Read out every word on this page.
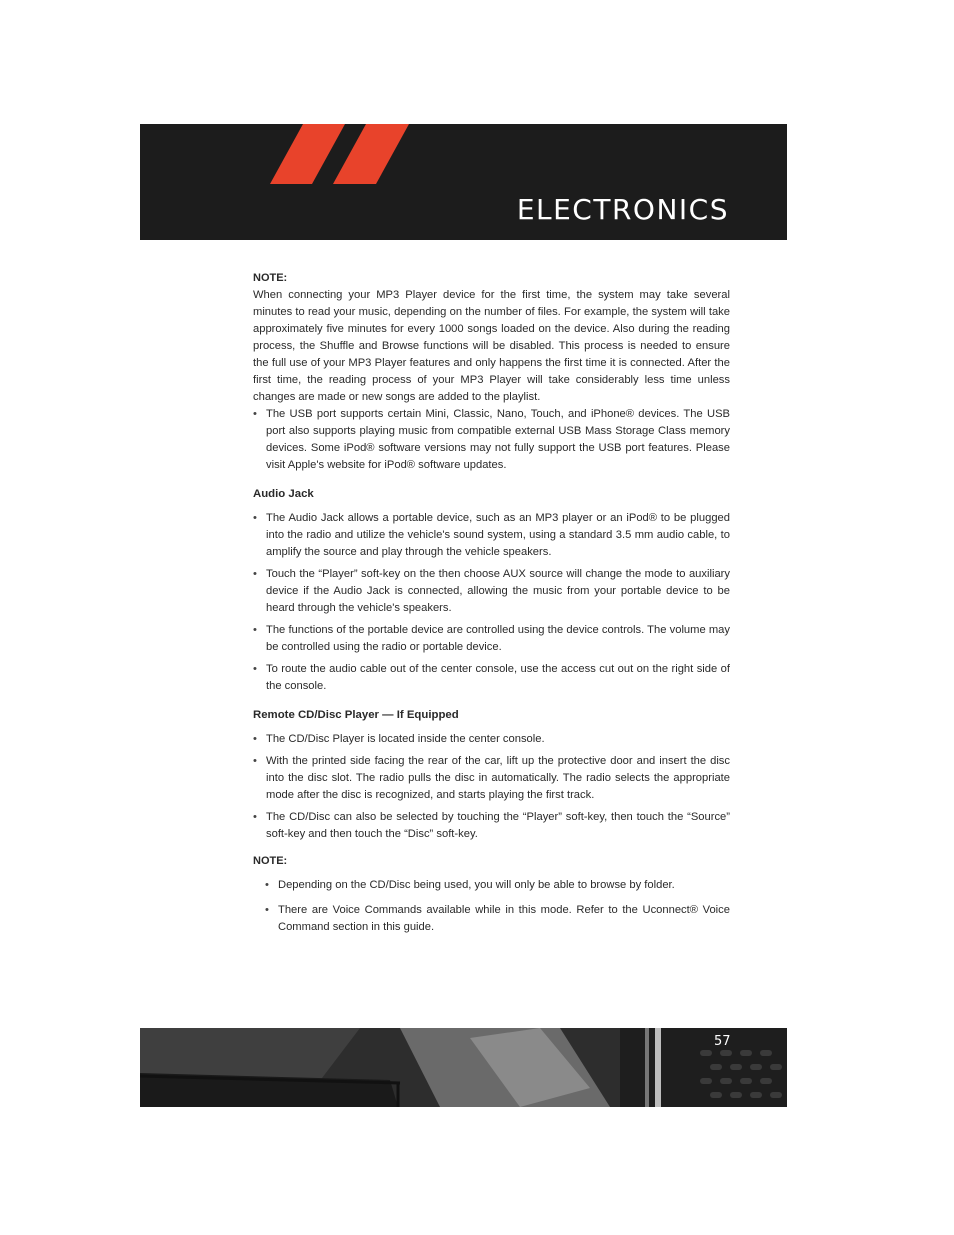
ELECTRONICS
NOTE:

When connecting your MP3 Player device for the first time, the system may take several minutes to read your music, depending on the number of files. For example, the system will take approximately five minutes for every 1000 songs loaded on the device. Also during the reading process, the Shuffle and Browse functions will be disabled. This process is needed to ensure the full use of your MP3 Player features and only happens the first time it is connected. After the first time, the reading process of your MP3 Player will take considerably less time unless changes are made or new songs are added to the playlist.

• The USB port supports certain Mini, Classic, Nano, Touch, and iPhone® devices. The USB port also supports playing music from compatible external USB Mass Storage Class memory devices. Some iPod® software versions may not fully support the USB port features. Please visit Apple's website for iPod® software updates.
Audio Jack
• The Audio Jack allows a portable device, such as an MP3 player or an iPod® to be plugged into the radio and utilize the vehicle's sound system, using a standard 3.5 mm audio cable, to amplify the source and play through the vehicle speakers.
• Touch the “Player” soft-key on the then choose AUX source will change the mode to auxiliary device if the Audio Jack is connected, allowing the music from your portable device to be heard through the vehicle's speakers.
• The functions of the portable device are controlled using the device controls. The volume may be controlled using the radio or portable device.
• To route the audio cable out of the center console, use the access cut out on the right side of the console.
Remote CD/Disc Player — If Equipped
• The CD/Disc Player is located inside the center console.
• With the printed side facing the rear of the car, lift up the protective door and insert the disc into the disc slot. The radio pulls the disc in automatically. The radio selects the appropriate mode after the disc is recognized, and starts playing the first track.
• The CD/Disc can also be selected by touching the “Player” soft-key, then touch the “Source” soft-key and then touch the “Disc” soft-key.
NOTE:
• Depending on the CD/Disc being used, you will only be able to browse by folder.
• There are Voice Commands available while in this mode. Refer to the Uconnect® Voice Command section in this guide.
57
